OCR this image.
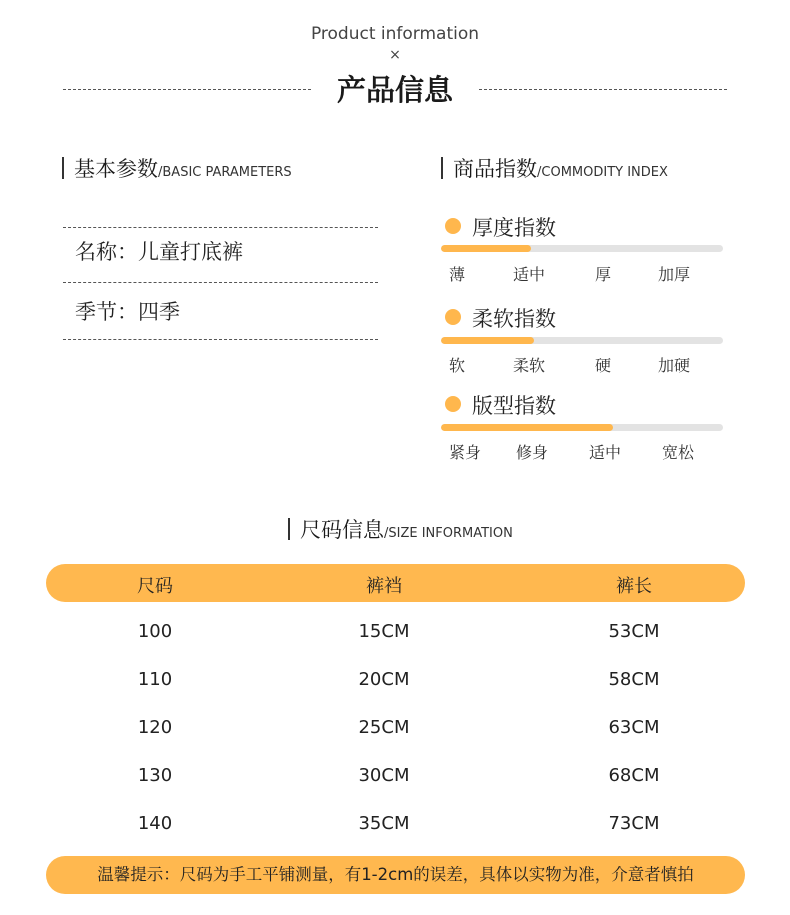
Product information
×
产品信息
基本参数 /BASIC PARAMETERS
名称：儿童打底裤
季节：四季
商品指数 /COMMODITY INDEX
厚度指数
薄	适中	厚	加厚
柔软指数
软	柔软	硬	加硬
版型指数
紧身 修身	适中	宽松
尺码信息 /SIZE INFORMATION
尺码	裤裆	裤长
100	15CM	53CM
110	20CM	58CM
120	25CM	63CM
130	30CM	68CM
140	35CM	73CM
温馨提示：尺码为手工平铺测量，有1-2cm的误差，具体以实物为准，介意者慎拍
